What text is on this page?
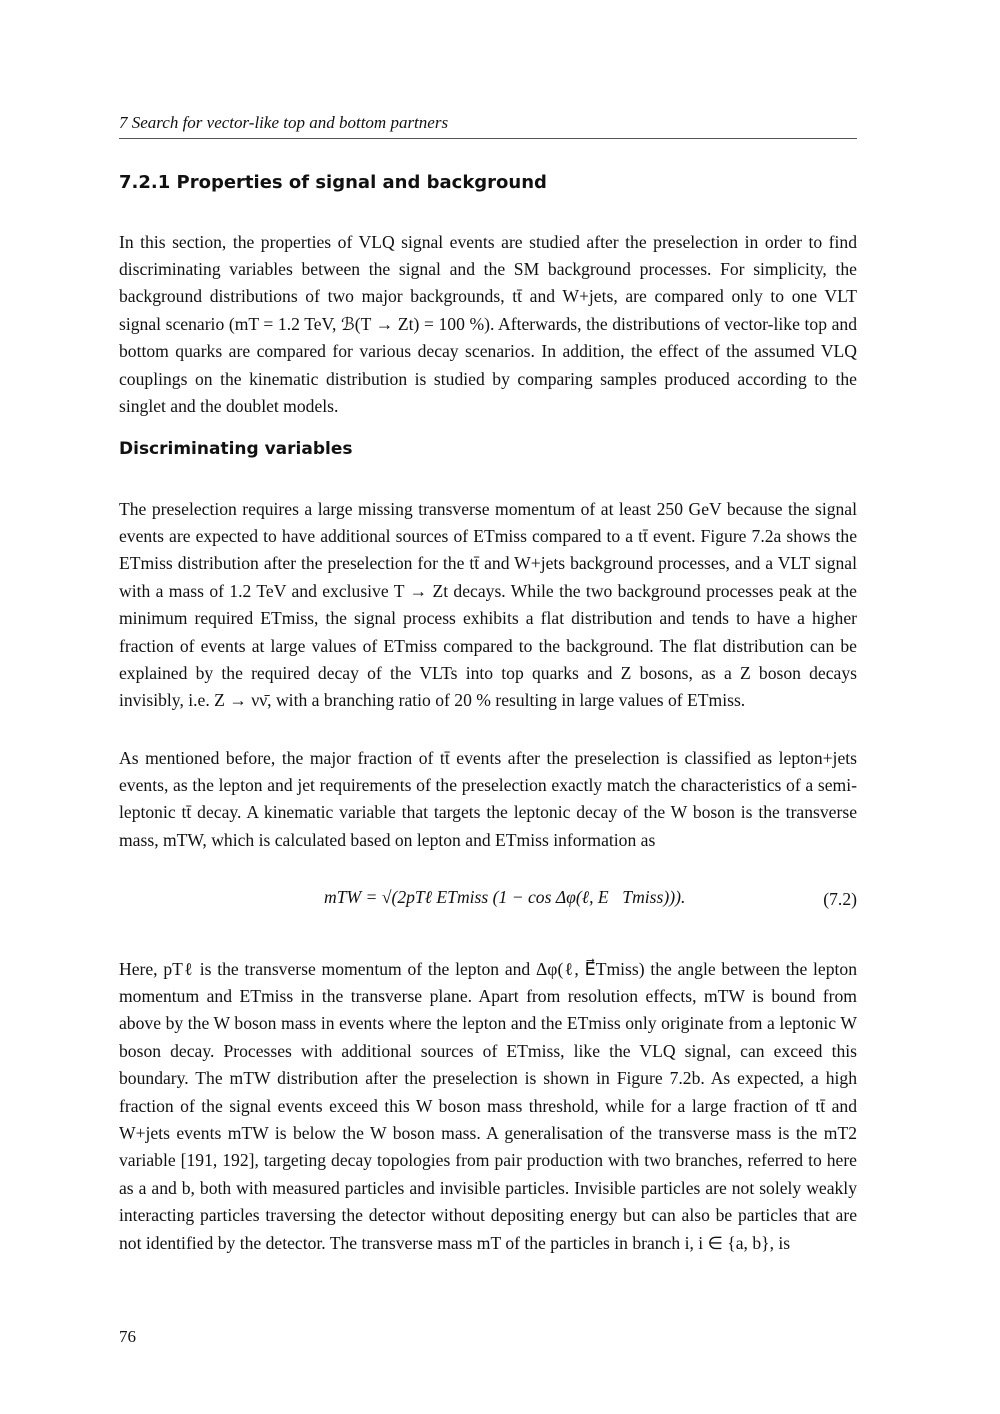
7 Search for vector-like top and bottom partners
7.2.1 Properties of signal and background

In this section, the properties of VLQ signal events are studied after the preselection in order to find discriminating variables between the signal and the SM background processes. For simplicity, the background distributions of two major backgrounds, tt̄ and W+jets, are compared only to one VLT signal scenario (mT = 1.2 TeV, ℬ(T → Zt) = 100 %). Afterwards, the distributions of vector-like top and bottom quarks are compared for various decay scenarios. In addition, the effect of the assumed VLQ couplings on the kinematic distribution is studied by comparing samples produced according to the singlet and the doublet models.

Discriminating variables

The preselection requires a large missing transverse momentum of at least 250 GeV because the signal events are expected to have additional sources of ETmiss compared to a tt̄ event. Figure 7.2a shows the ETmiss distribution after the preselection for the tt̄ and W+jets background processes, and a VLT signal with a mass of 1.2 TeV and exclusive T → Zt decays. While the two background processes peak at the minimum required ETmiss, the signal process exhibits a flat distribution and tends to have a higher fraction of events at large values of ETmiss compared to the background. The flat distribution can be explained by the required decay of the VLTs into top quarks and Z bosons, as a Z boson decays invisibly, i.e. Z → νν̄, with a branching ratio of 20 % resulting in large values of ETmiss.

As mentioned before, the major fraction of tt̄ events after the preselection is classified as lepton+jets events, as the lepton and jet requirements of the preselection exactly match the characteristics of a semi-leptonic tt̄ decay. A kinematic variable that targets the leptonic decay of the W boson is the transverse mass, mTW, which is calculated based on lepton and ETmiss information as

mTW = √(2pTℓ ETmiss (1 − cos Δφ(ℓ, E⃗Tmiss))).	(7.2)

Here, pTℓ is the transverse momentum of the lepton and Δφ(ℓ, E⃗Tmiss) the angle between the lepton momentum and ETmiss in the transverse plane. Apart from resolution effects, mTW is bound from above by the W boson mass in events where the lepton and the ETmiss only originate from a leptonic W boson decay. Processes with additional sources of ETmiss, like the VLQ signal, can exceed this boundary. The mTW distribution after the preselection is shown in Figure 7.2b. As expected, a high fraction of the signal events exceed this W boson mass threshold, while for a large fraction of tt̄ and W+jets events mTW is below the W boson mass. A generalisation of the transverse mass is the mT2 variable [191, 192], targeting decay topologies from pair production with two branches, referred to here as a and b, both with measured particles and invisible particles. Invisible particles are not solely weakly interacting particles traversing the detector without depositing energy but can also be particles that are not identified by the detector. The transverse mass mT of the particles in branch i, i ∈ {a, b}, is

76
